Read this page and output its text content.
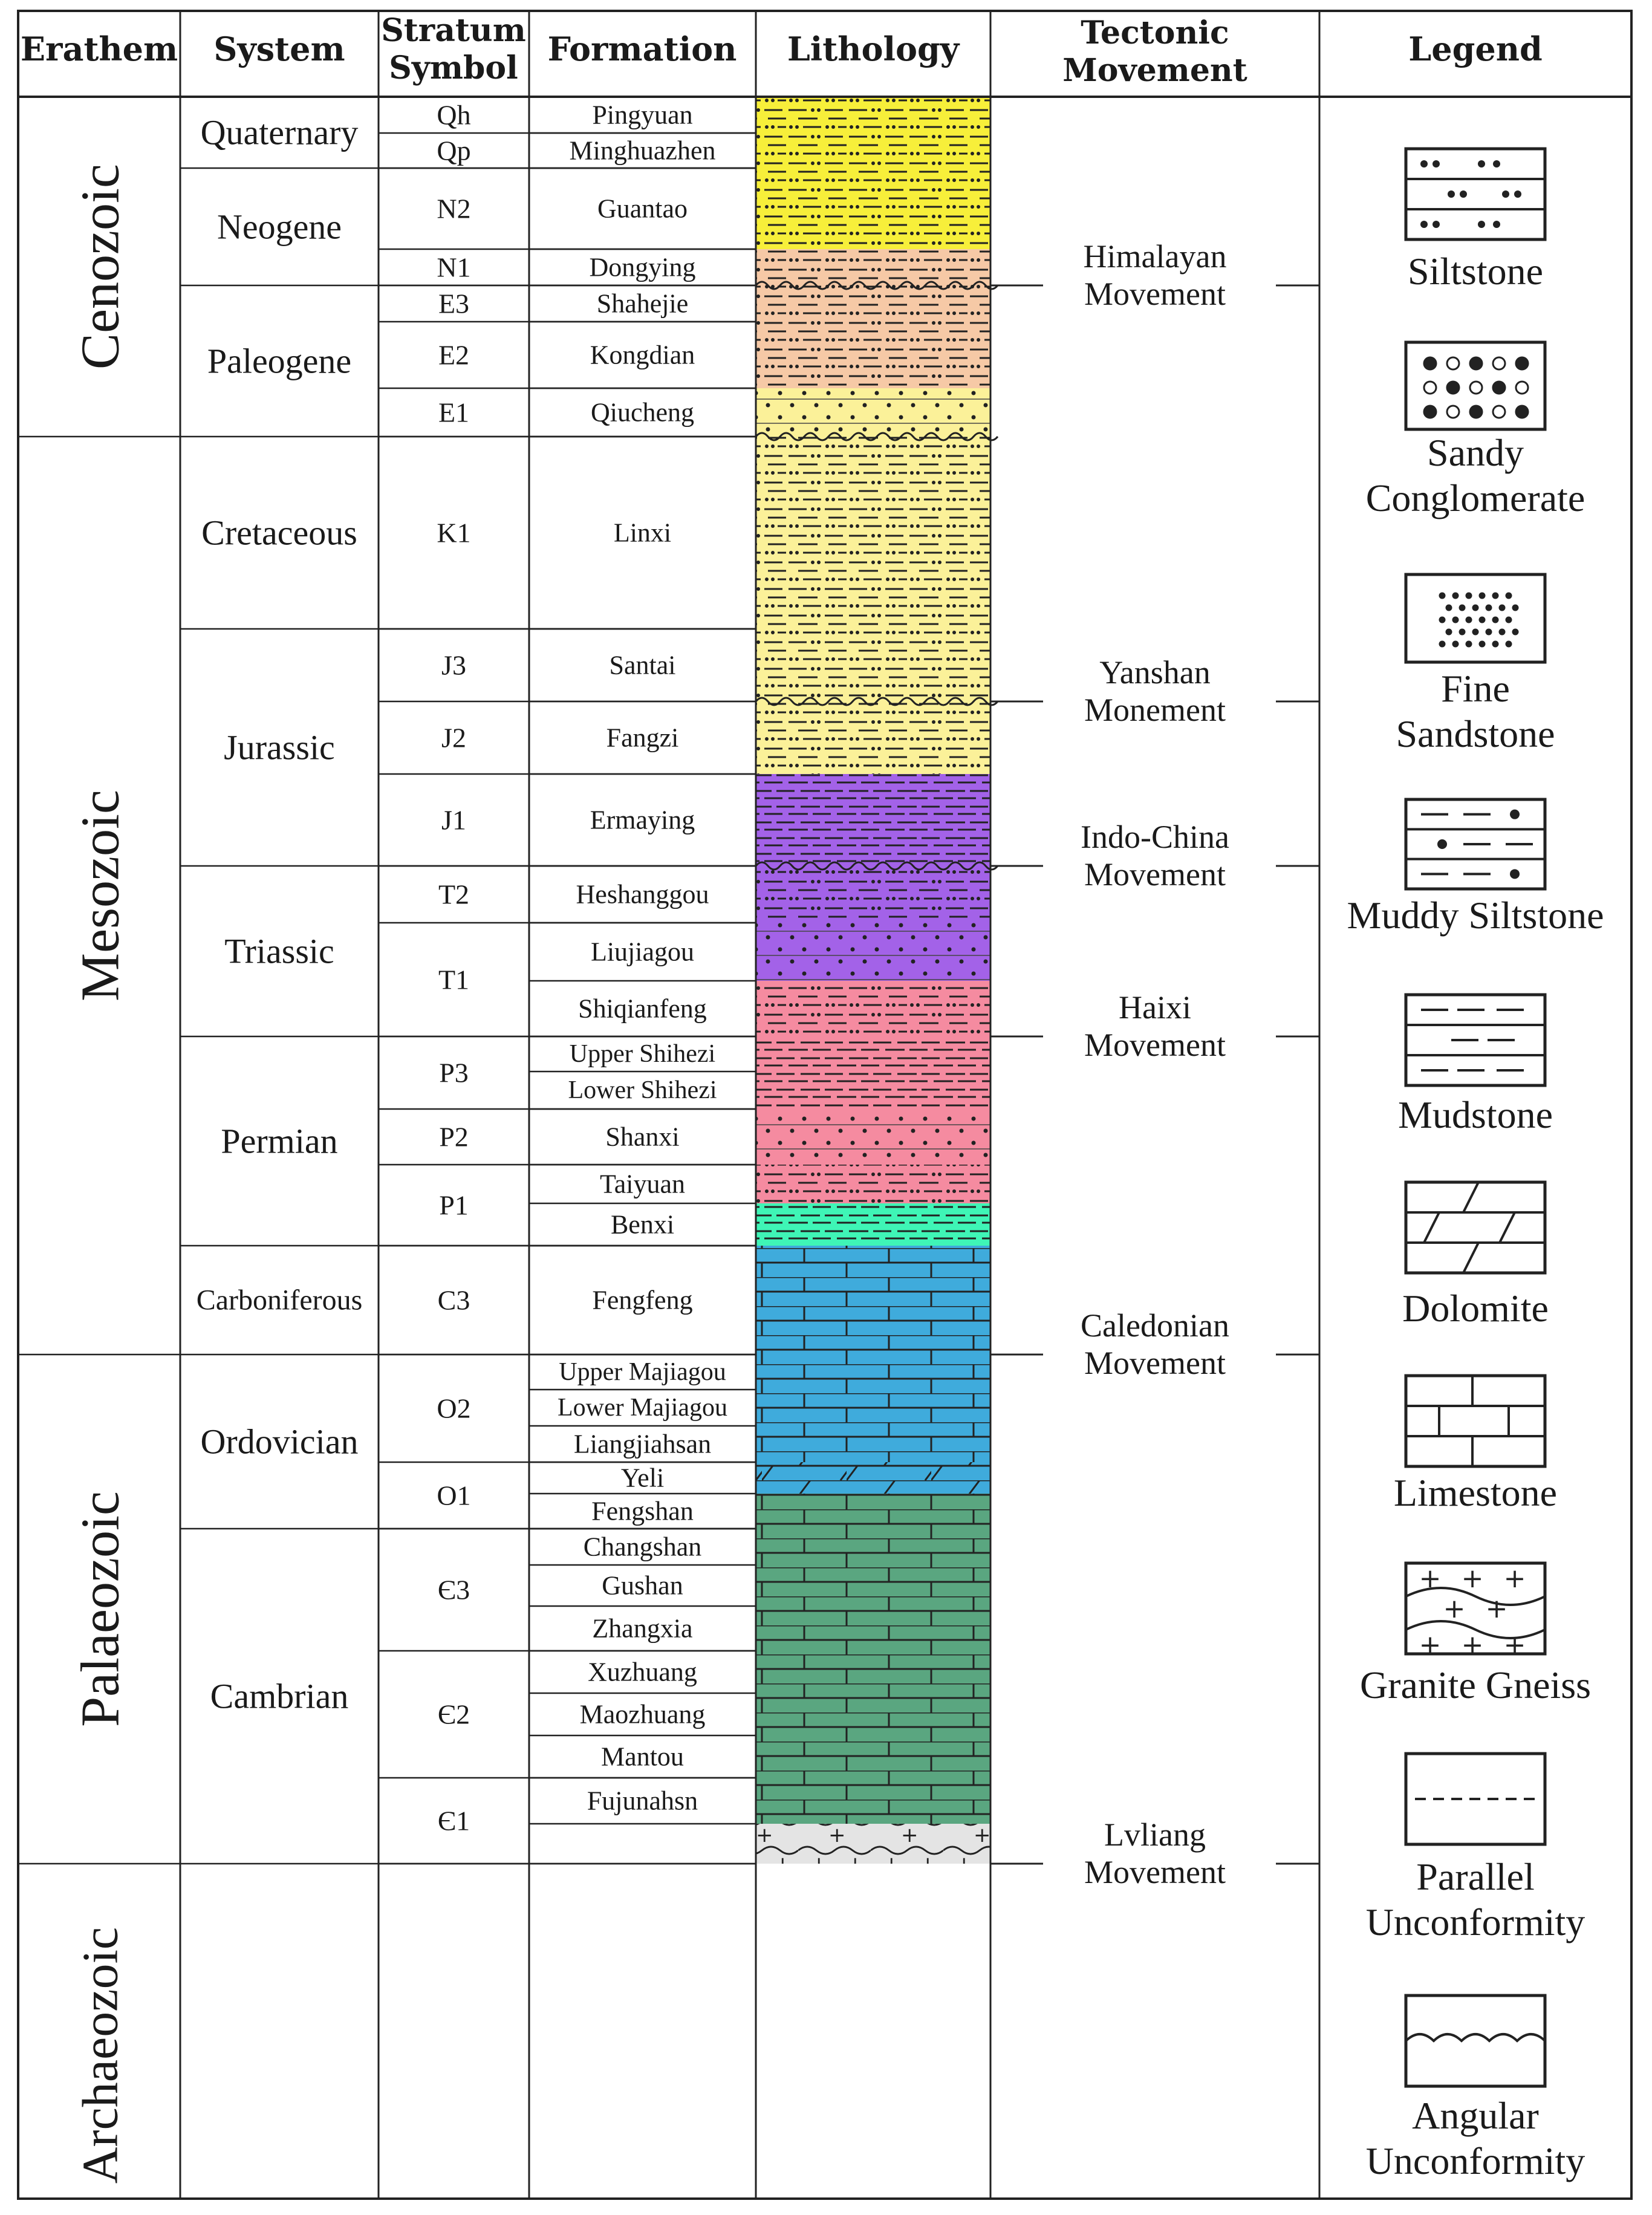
Erathem System Stratum
Symbol Formation Lithology	Tectonic
Movement
Legend
Cenozoic
Mesozoic
Palaeozoic
Archaeozoic
Quaternary
Neogene
Paleogene
Cretaceous
Jurassic
Triassic
Permian
Carboniferous
Ordovician
Cambrian
Qh
Qp
N2
N1
E3
E2
E1
K1
J3
J2
J1
T2
T1
P3
P2
P1
C3
O2
O1
Є3
Є2
Є1
Pingyuan
Minghuazhen
Guantao
Dongying
Shahejie
Kongdian
Qiucheng
Linxi
Santai
Fangzi
Ermaying
Heshanggou
Liujiagou
Shiqianfeng
Upper Shihezi
Lower Shihezi
Shanxi
Taiyuan
Benxi
Fengfeng
Upper Majiagou
Lower Majiagou
Liangjiahsan
Yeli
Fengshan
Changshan
Gushan
Zhangxia
Xuzhuang
Maozhuang
Mantou
Fujunahsn
Himalayan
Movement
Yanshan
Monement
Indo-China
Movement
Haixi
Movement
Caledonian
Movement
Lvliang
Movement
Siltstone
Sandy
Conglomerate
Fine
Sandstone
Muddy Siltstone
Mudstone
Dolomite
Limestone
+ + +
+ +
+ + +
Granite Gneiss
Parallel
Unconformity
Angular
Unconformity
